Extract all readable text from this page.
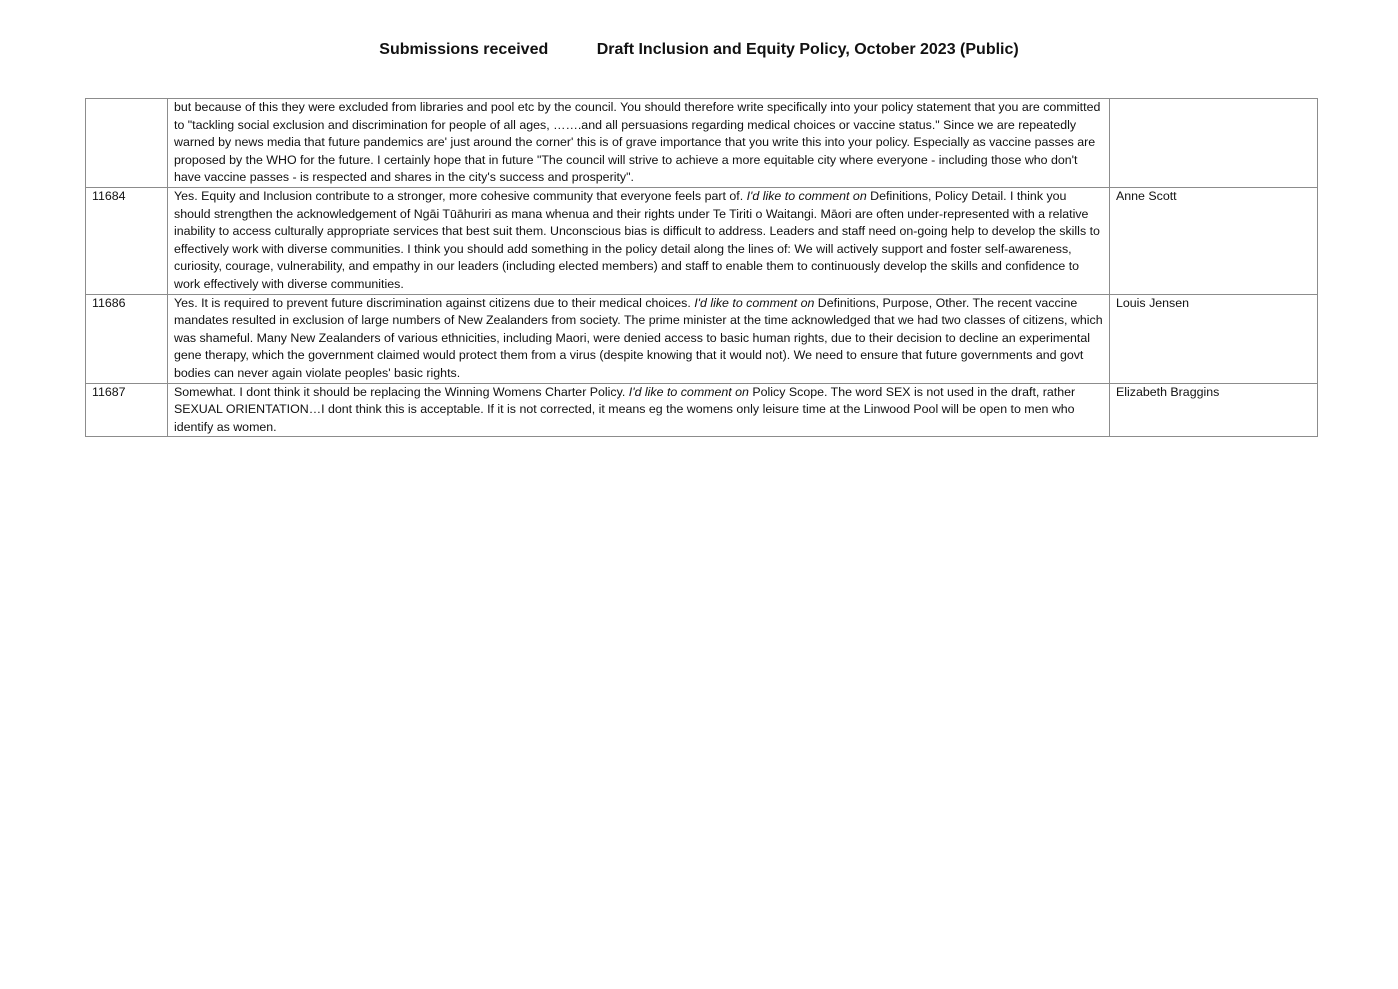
Submissions received	Draft Inclusion and Equity Policy, October 2023 (Public)
	but because of this they were excluded from libraries and pool etc by the council. You should therefore write specifically into your policy statement that you are committed to "tackling social exclusion and discrimination for people of all ages, …….and all persuasions regarding medical choices or vaccine status." Since we are repeatedly warned by news media that future pandemics are' just around the corner' this is of grave importance that you write this into your policy. Especially as vaccine passes are proposed by the WHO for the future. I certainly hope that in future "The council will strive to achieve a more equitable city where everyone - including those who don't have vaccine passes - is respected and shares in the city's success and prosperity".	
11684	Yes. Equity and Inclusion contribute to a stronger, more cohesive community that everyone feels part of. I'd like to comment on Definitions, Policy Detail. I think you should strengthen the acknowledgement of Ngāi Tūāhuriri as mana whenua and their rights under Te Tiriti o Waitangi. Māori are often under-represented with a relative inability to access culturally appropriate services that best suit them. Unconscious bias is difficult to address. Leaders and staff need on-going help to develop the skills to effectively work with diverse communities. I think you should add something in the policy detail along the lines of: We will actively support and foster self-awareness, curiosity, courage, vulnerability, and empathy in our leaders (including elected members) and staff to enable them to continuously develop the skills and confidence to work effectively with diverse communities.	Anne Scott
11686	Yes. It is required to prevent future discrimination against citizens due to their medical choices. I'd like to comment on Definitions, Purpose, Other. The recent vaccine mandates resulted in exclusion of large numbers of New Zealanders from society. The prime minister at the time acknowledged that we had two classes of citizens, which was shameful. Many New Zealanders of various ethnicities, including Maori, were denied access to basic human rights, due to their decision to decline an experimental gene therapy, which the government claimed would protect them from a virus (despite knowing that it would not). We need to ensure that future governments and govt bodies can never again violate peoples' basic rights.	Louis Jensen
11687	Somewhat. I dont think it should be replacing the Winning Womens Charter Policy. I'd like to comment on Policy Scope. The word SEX is not used in the draft, rather SEXUAL ORIENTATION…I dont think this is acceptable. If it is not corrected, it means eg the womens only leisure time at the Linwood Pool will be open to men who identify as women.	Elizabeth Braggins
